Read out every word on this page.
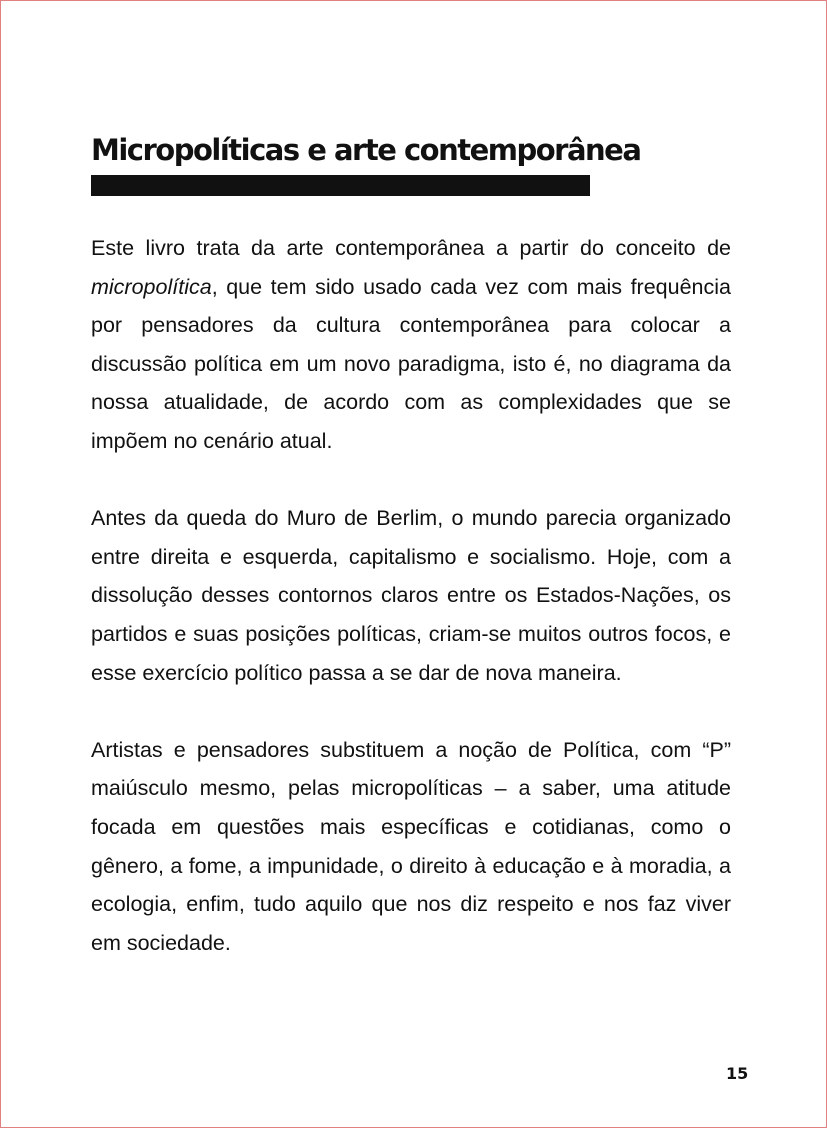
Micropolíticas e arte contemporânea

Este livro trata da arte contemporânea a partir do conceito de micropolítica, que tem sido usado cada vez com mais frequência por pensadores da cultura contemporânea para colocar a discussão política em um novo paradigma, isto é, no diagrama da nossa atualidade, de acordo com as complexidades que se impõem no cenário atual.

Antes da queda do Muro de Berlim, o mundo parecia organizado entre direita e esquerda, capitalismo e socialismo. Hoje, com a dissolução desses contornos claros entre os Estados-Nações, os partidos e suas posições políticas, criam-se muitos outros focos, e esse exercício político passa a se dar de nova maneira.

Artistas e pensadores substituem a noção de Política, com “P” maiúsculo mesmo, pelas micropolíticas – a saber, uma atitude focada em questões mais específicas e cotidianas, como o gênero, a fome, a impunidade, o direito à educação e à moradia, a ecologia, enfim, tudo aquilo que nos diz respeito e nos faz viver em sociedade.

15
